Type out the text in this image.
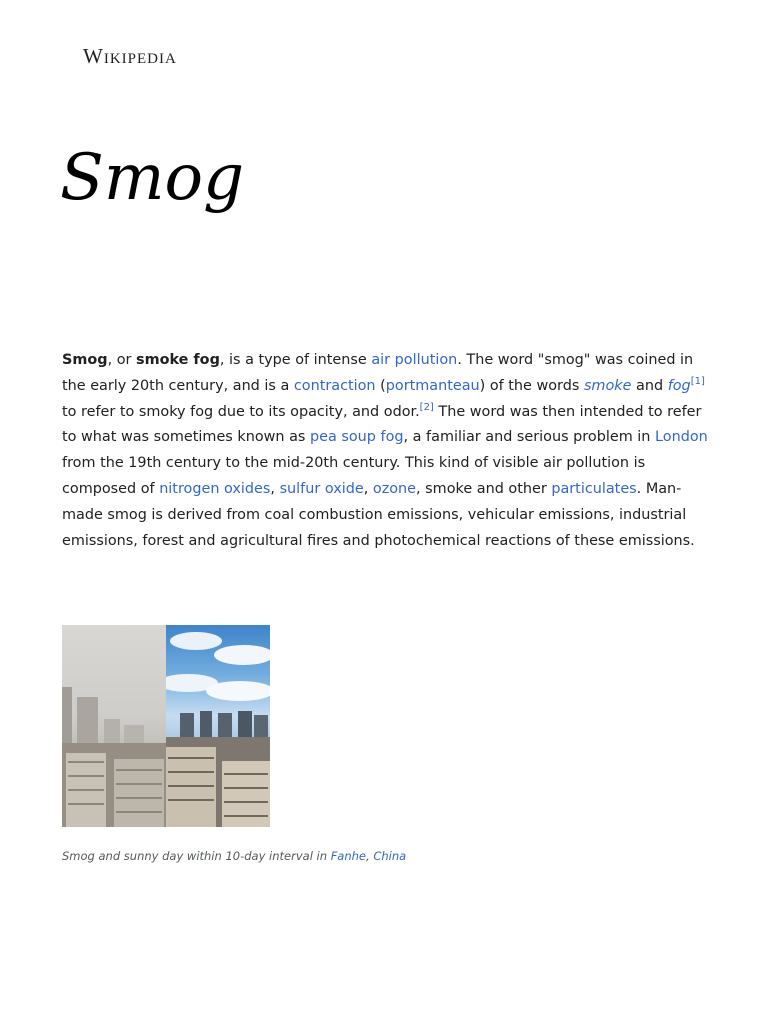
Wikipedia
Smog

Smog, or smoke fog, is a type of intense air pollution. The word "smog" was coined in the early 20th century, and is a contraction (portmanteau) of the words smoke and fog[1] to refer to smoky fog due to its opacity, and odor.[2] The word was then intended to refer to what was sometimes known as pea soup fog, a familiar and serious problem in London from the 19th century to the mid-20th century. This kind of visible air pollution is composed of nitrogen oxides, sulfur oxide, ozone, smoke and other particulates. Man-made smog is derived from coal combustion emissions, vehicular emissions, industrial emissions, forest and agricultural fires and photochemical reactions of these emissions.

Smog and sunny day within 10-day interval in Fanhe, China
